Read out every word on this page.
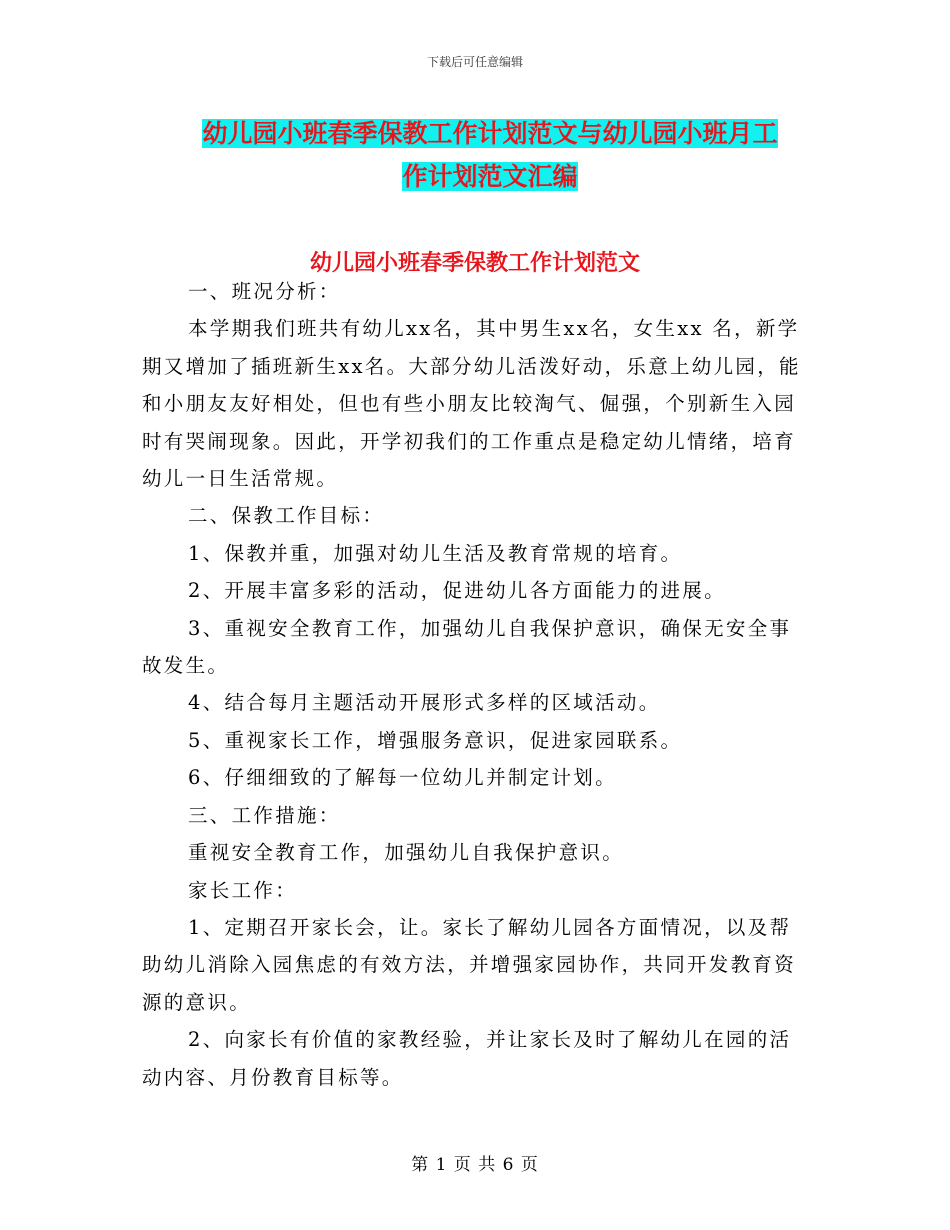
下载后可任意编辑
幼儿园小班春季保教工作计划范文与幼儿园小班月工
作计划范文汇编
幼儿园小班春季保教工作计划范文

一、班况分析：

本学期我们班共有幼儿xx名，其中男生xx名，女生xx 名，新学期又增加了插班新生xx名。大部分幼儿活泼好动，乐意上幼儿园，能和小朋友友好相处，但也有些小朋友比较淘气、倔强，个别新生入园时有哭闹现象。因此，开学初我们的工作重点是稳定幼儿情绪，培育幼儿一日生活常规。

二、保教工作目标：

1、保教并重，加强对幼儿生活及教育常规的培育。

2、开展丰富多彩的活动，促进幼儿各方面能力的进展。

3、重视安全教育工作，加强幼儿自我保护意识，确保无安全事故发生。

4、结合每月主题活动开展形式多样的区域活动。

5、重视家长工作，增强服务意识，促进家园联系。

6、仔细细致的了解每一位幼儿并制定计划。

三、工作措施：

重视安全教育工作，加强幼儿自我保护意识。

家长工作：

1、定期召开家长会，让。家长了解幼儿园各方面情况，以及帮助幼儿消除入园焦虑的有效方法，并增强家园协作，共同开发教育资源的意识。

2、向家长有价值的家教经验，并让家长及时了解幼儿在园的活动内容、月份教育目标等。

第 1 页 共 6 页
